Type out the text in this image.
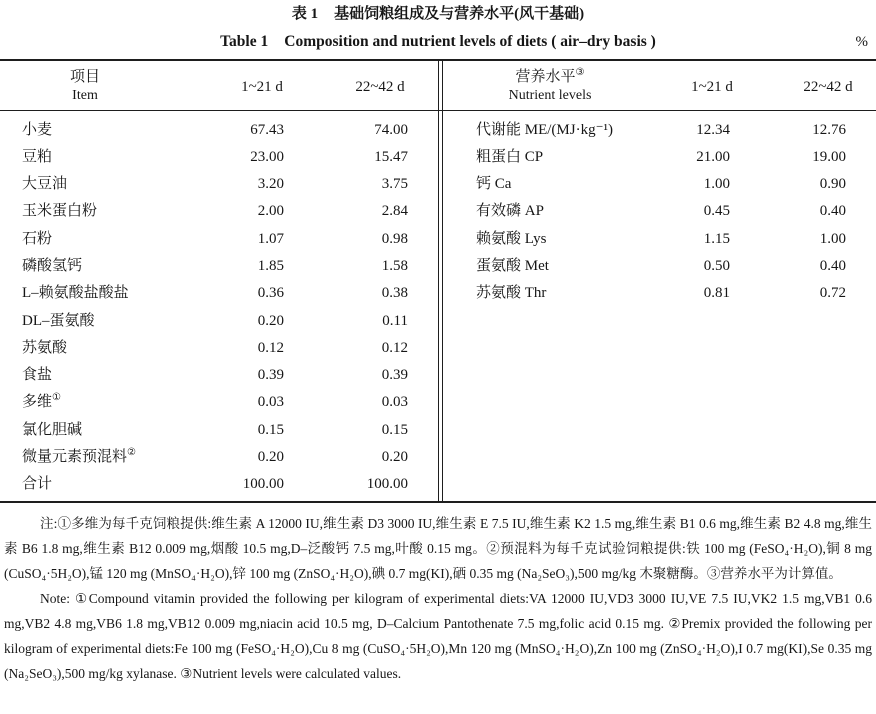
表 1 基础饲粮组成及与营养水平(风干基础)
Table 1 Composition and nutrient levels of diets ( air–dry basis )	%
项目
Item
1~21 d	22~42 d
营养水平③
Nutrient levels
1~21 d	22~42 d
小麦	67.43	74.00
豆粕	23.00	15.47
大豆油	3.20	3.75
玉米蛋白粉	2.00	2.84
石粉	1.07	0.98
磷酸氢钙	1.85	1.58
L–赖氨酸盐酸盐	0.36	0.38
DL–蛋氨酸	0.20	0.11
苏氨酸	0.12	0.12
食盐	0.39	0.39
多维①	0.03	0.03
氯化胆碱	0.15	0.15
微量元素预混料②	0.20	0.20
合计	100.00	100.00
代谢能 ME/(MJ·kg⁻¹)	12.34	12.76
粗蛋白 CP	21.00	19.00
钙 Ca	1.00	0.90
有效磷 AP	0.45	0.40
赖氨酸 Lys	1.15	1.00
蛋氨酸 Met	0.50	0.40
苏氨酸 Thr	0.81	0.72

注:①多维为每千克饲粮提供:维生素 A 12000 IU,维生素 D3 3000 IU,维生素 E 7.5 IU,维生素 K2 1.5 mg,维生素 B1 0.6 mg,维生素 B2 4.8 mg,维生素 B6 1.8 mg,维生素 B12 0.009 mg,烟酸 10.5 mg,D–泛酸钙 7.5 mg,叶酸 0.15 mg。②预混料为每千克试验饲粮提供:铁 100 mg (FeSO₄·H₂O),铜 8 mg (CuSO₄·5H₂O),锰 120 mg (MnSO₄·H₂O),锌 100 mg (ZnSO₄·H₂O),碘 0.7 mg(KI),硒 0.35 mg (Na₂SeO₃),500 mg/kg 木聚糖酶。③营养水平为计算值。

Note: ①Compound vitamin provided the following per kilogram of experimental diets:VA 12000 IU,VD3 3000 IU,VE 7.5 IU,VK2 1.5 mg,VB1 0.6 mg,VB2 4.8 mg,VB6 1.8 mg,VB12 0.009 mg,niacin acid 10.5 mg, D–Calcium Pantothenate 7.5 mg,folic acid 0.15 mg. ②Premix provided the following per kilogram of experimental diets:Fe 100 mg (FeSO₄·H₂O),Cu 8 mg (CuSO₄·5H₂O),Mn 120 mg (MnSO₄·H₂O),Zn 100 mg (ZnSO₄·H₂O),I 0.7 mg(KI),Se 0.35 mg (Na₂SeO₃),500 mg/kg xylanase. ③Nutrient levels were calculated values.
